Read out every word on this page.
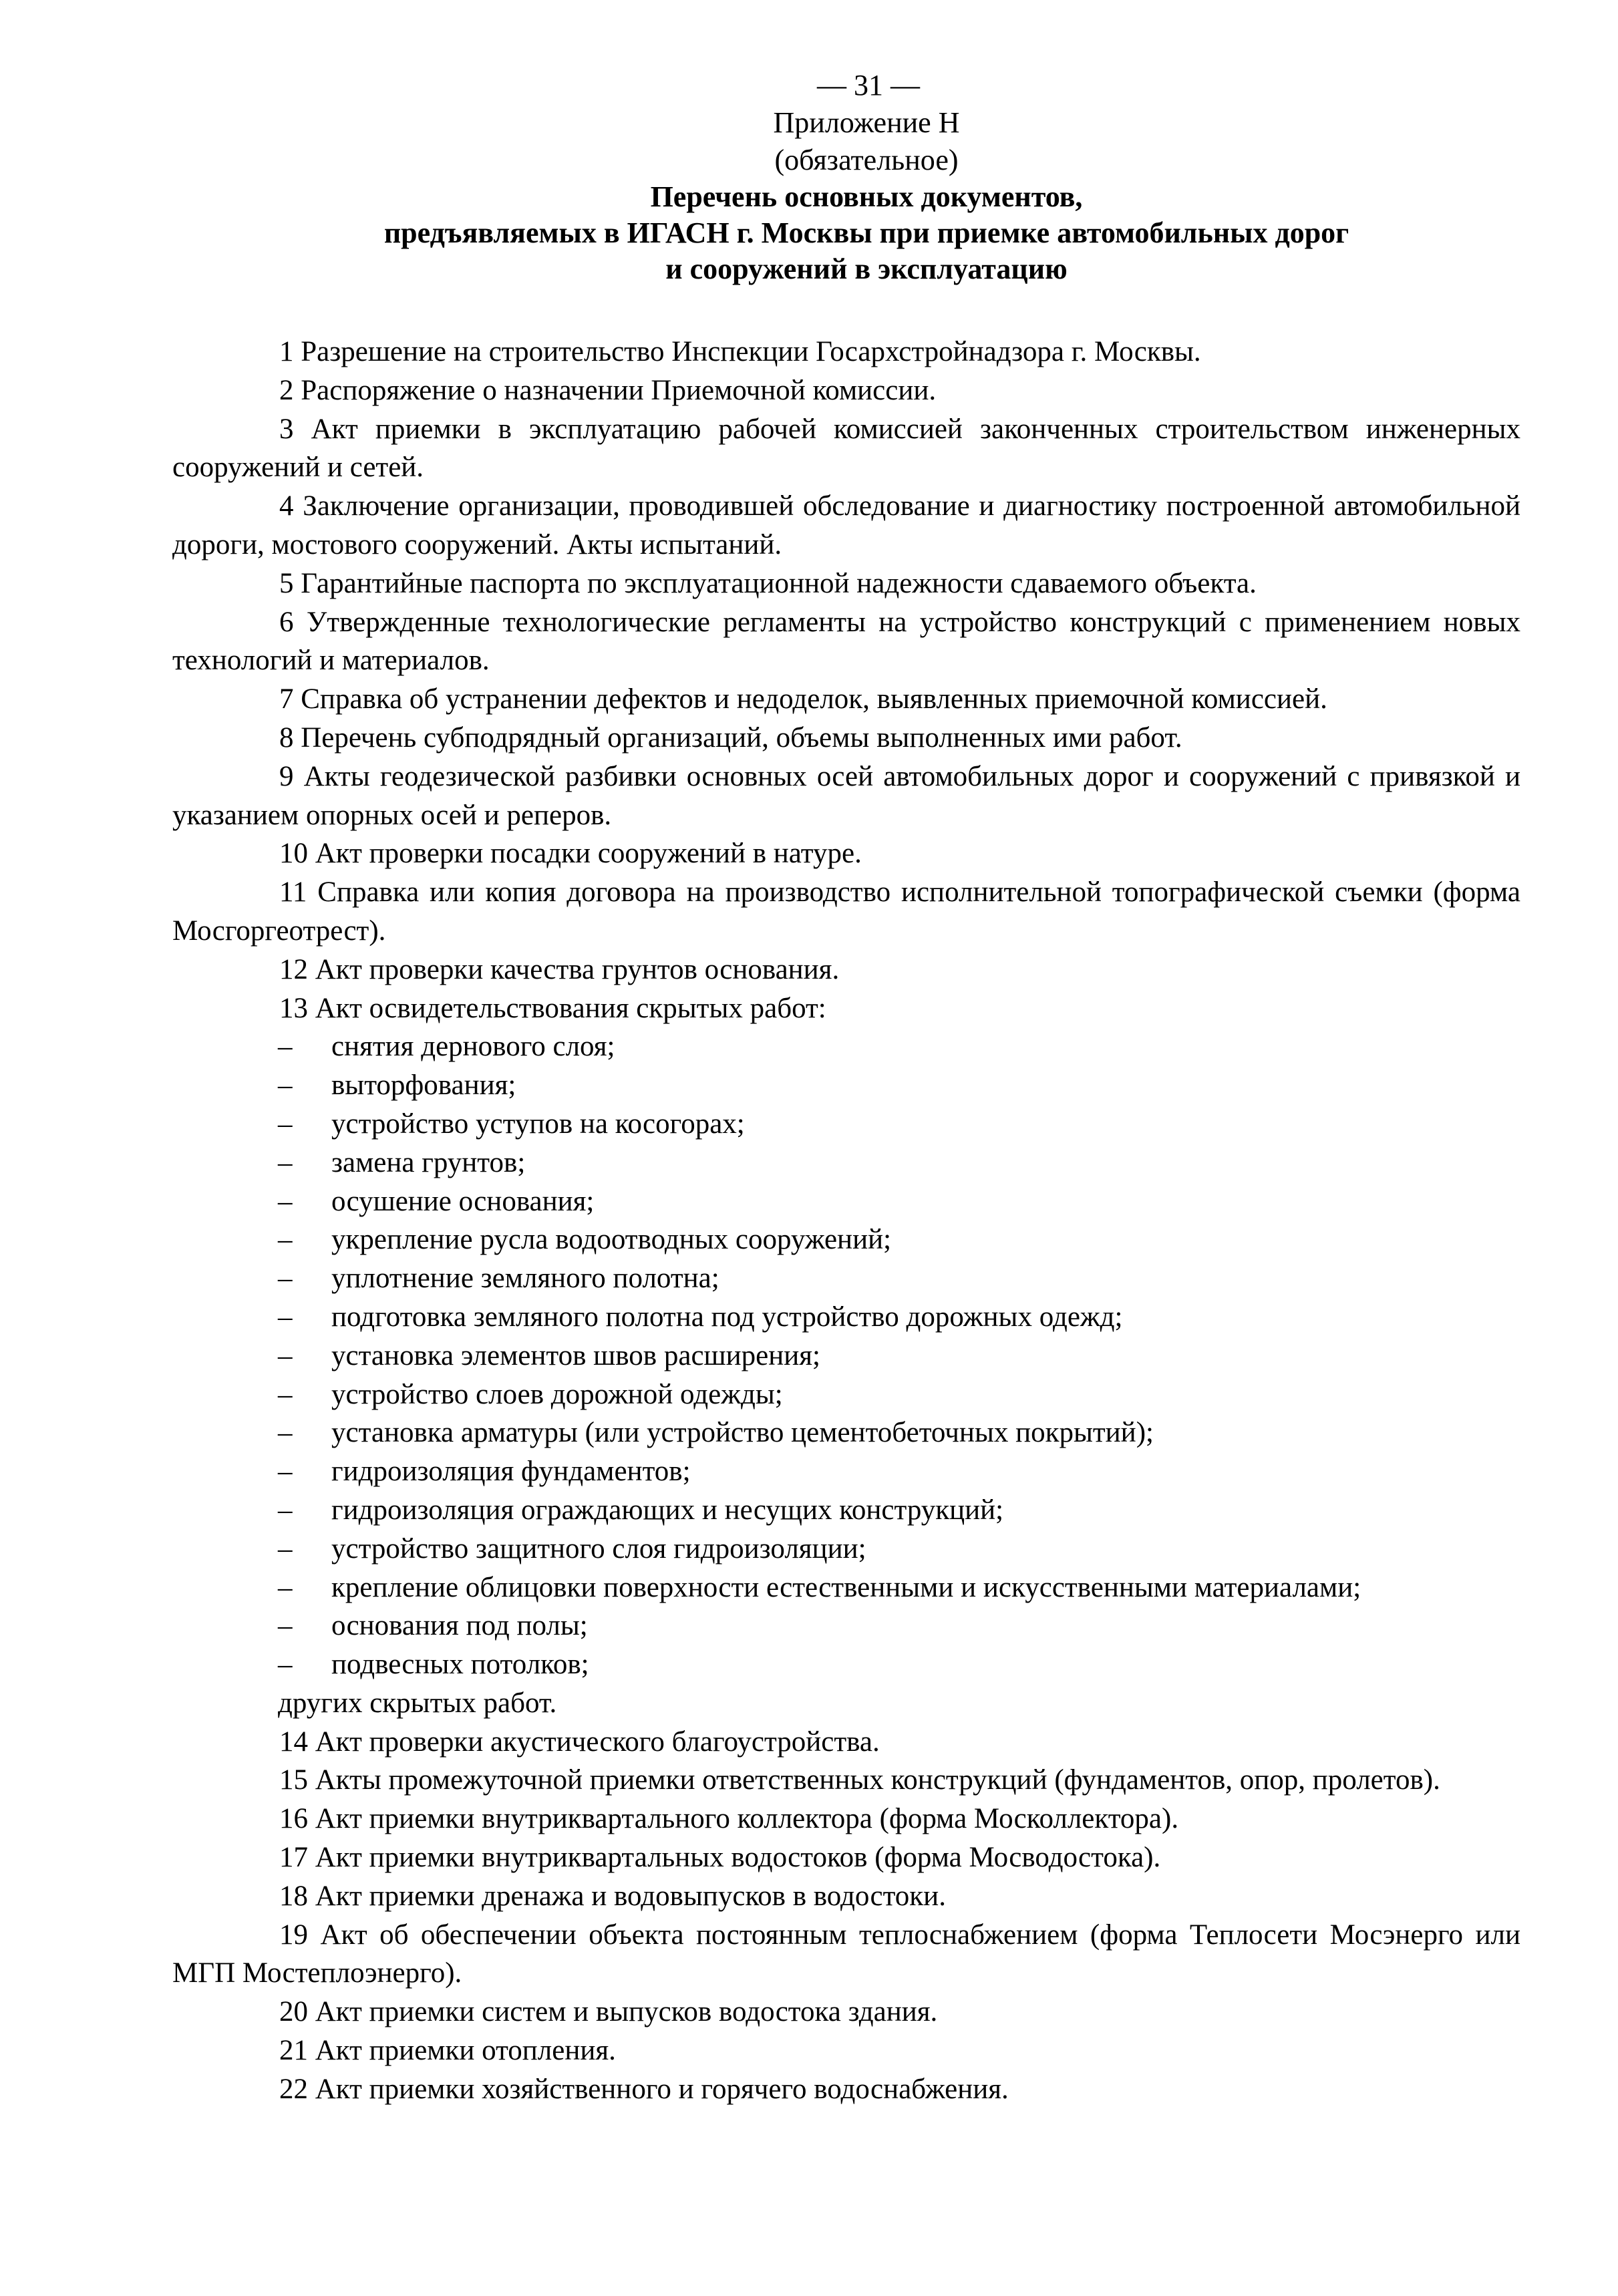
— 31 —
Приложение Н
(обязательное)
Перечень основных документов,
предъявляемых в ИГАСН г. Москвы при приемке автомобильных дорог
и сооружений в эксплуатацию

1 Разрешение на строительство Инспекции Госархстройнадзора г. Москвы.

2 Распоряжение о назначении Приемочной комиссии.

3 Акт приемки в эксплуатацию рабочей комиссией законченных строительством инженерных сооружений и сетей.

4 Заключение организации, проводившей обследование и диагностику построенной автомобильной дороги, мостового сооружений. Акты испытаний.

5 Гарантийные паспорта по эксплуатационной надежности сдаваемого объекта.

6 Утвержденные технологические регламенты на устройство конструкций с применением новых технологий и материалов.

7 Справка об устранении дефектов и недоделок, выявленных приемочной комиссией.

8 Перечень субподрядный организаций, объемы выполненных ими работ.

9 Акты геодезической разбивки основных осей автомобильных дорог и сооружений с привязкой и указанием опорных осей и реперов.

10 Акт проверки посадки сооружений в натуре.

11 Справка или копия договора на производство исполнительной топографической съемки (форма Мосгоргеотрест).

12 Акт проверки качества грунтов основания.

13 Акт освидетельствования скрытых работ:

– снятия дернового слоя;
– выторфования;
– устройство уступов на косогорах;
– замена грунтов;
– осушение основания;
– укрепление русла водоотводных сооружений;
– уплотнение земляного полотна;
– подготовка земляного полотна под устройство дорожных одежд;
– установка элементов швов расширения;
– устройство слоев дорожной одежды;
– установка арматуры (или устройство цементобеточных покрытий);
– гидроизоляция фундаментов;
– гидроизоляция ограждающих и несущих конструкций;
– устройство защитного слоя гидроизоляции;
– крепление облицовки поверхности естественными и искусственными материалами;
– основания под полы;
– подвесных потолков;

других скрытых работ.

14 Акт проверки акустического благоустройства.

15 Акты промежуточной приемки ответственных конструкций (фундаментов, опор, пролетов).

16 Акт приемки внутриквартального коллектора (форма Москоллектора).

17 Акт приемки внутриквартальных водостоков (форма Мосводостока).

18 Акт приемки дренажа и водовыпусков в водостоки.

19 Акт об обеспечении объекта постоянным теплоснабжением (форма Теплосети Мосэнерго или МГП Мостеплоэнерго).

20 Акт приемки систем и выпусков водостока здания.

21 Акт приемки отопления.

22 Акт приемки хозяйственного и горячего водоснабжения.
